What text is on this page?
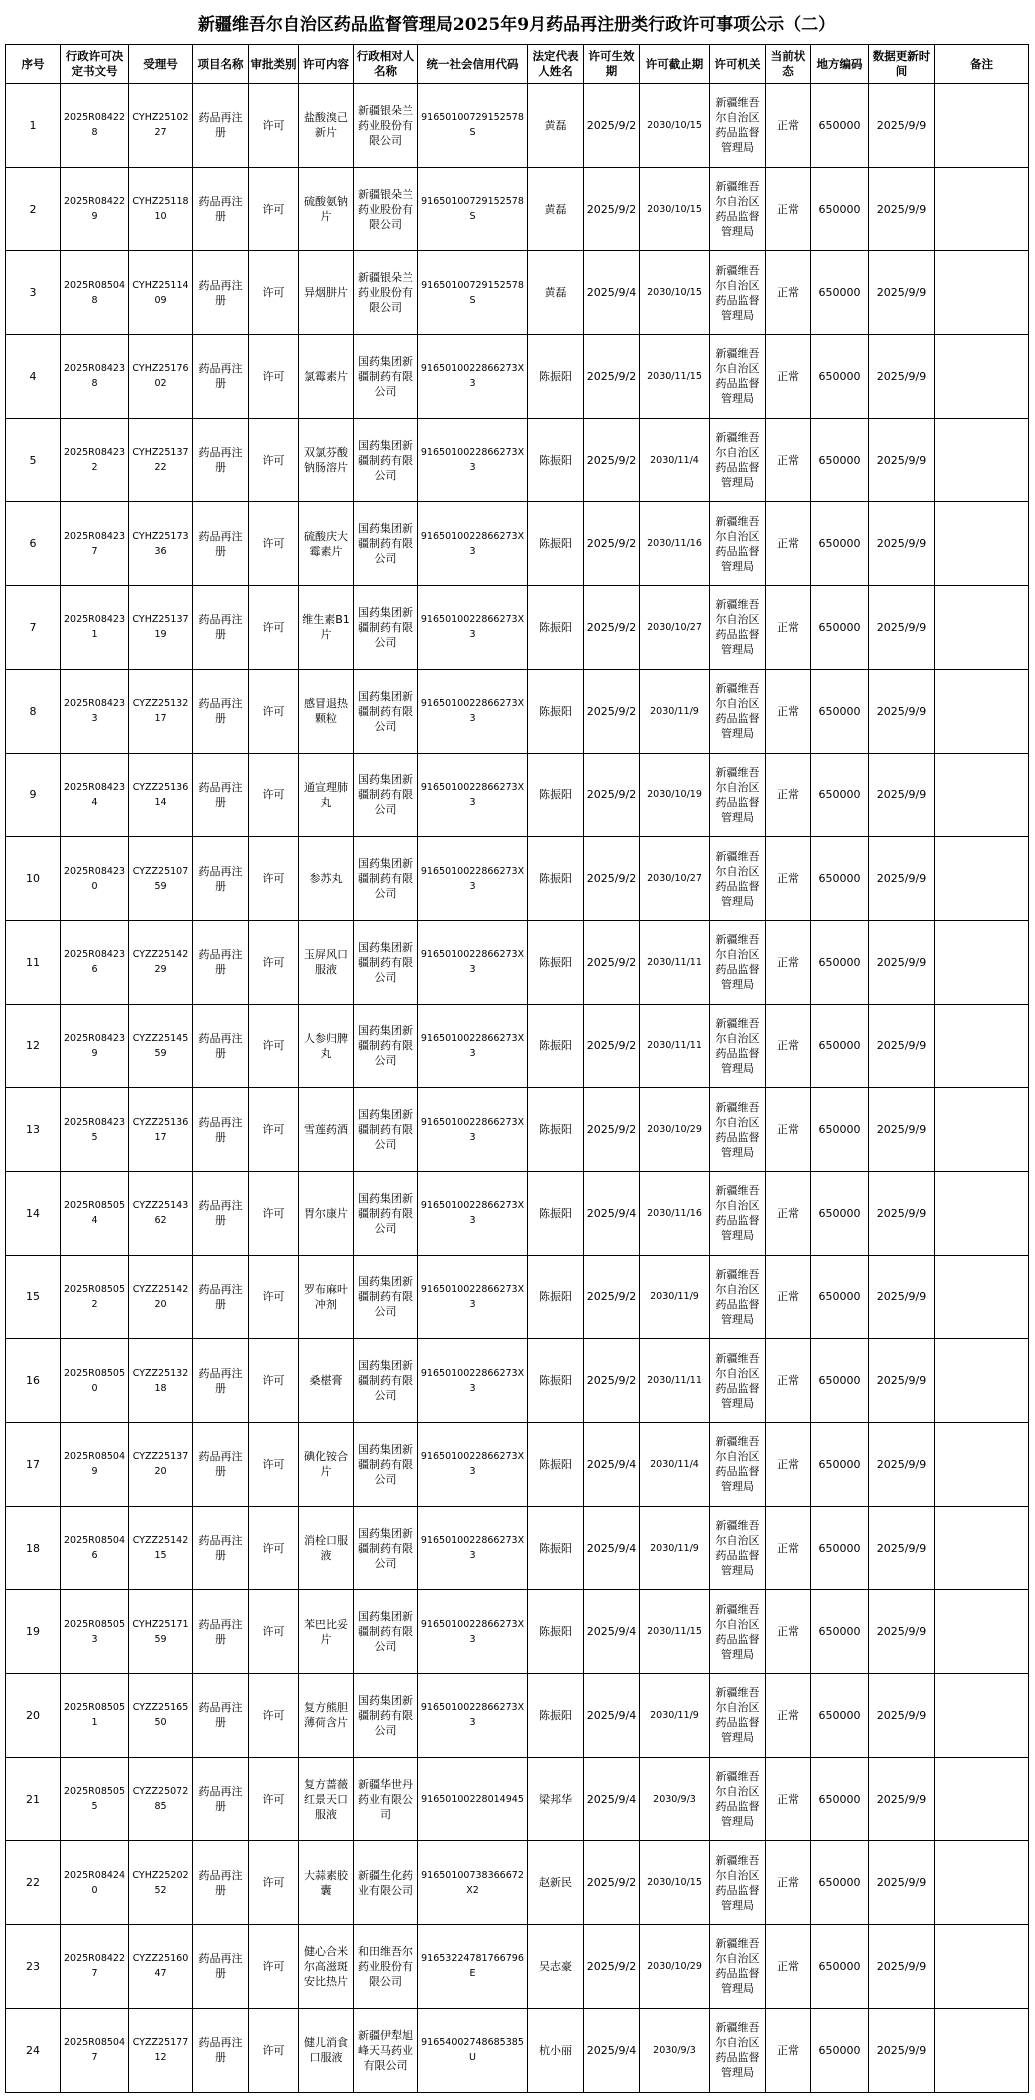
新疆维吾尔自治区药品监督管理局2025年9月药品再注册类行政许可事项公示（二）
序号	行政许可决定书文号	受理号	项目名称	审批类别	许可内容	行政相对人名称	统一社会信用代码	法定代表人姓名	许可生效期	许可截止期	许可机关	当前状态	地方编码	数据更新时间	备注
1	2025R084228	CYHZ2510227	药品再注册	许可	盐酸溴己新片	新疆银朵兰药业股份有限公司	91650100729152578S	黄磊	2025/9/2	2030/10/15	新疆维吾尔自治区药品监督管理局	正常	650000	2025/9/9	
2	2025R084229	CYHZ2511810	药品再注册	许可	硫酸氨钠片	新疆银朵兰药业股份有限公司	91650100729152578S	黄磊	2025/9/2	2030/10/15	新疆维吾尔自治区药品监督管理局	正常	650000	2025/9/9	
3	2025R085048	CYHZ2511409	药品再注册	许可	异烟肼片	新疆银朵兰药业股份有限公司	91650100729152578S	黄磊	2025/9/4	2030/10/15	新疆维吾尔自治区药品监督管理局	正常	650000	2025/9/9	
4	2025R084238	CYHZ2517602	药品再注册	许可	氯霉素片	国药集团新疆制药有限公司	9165010022866273X3	陈振阳	2025/9/2	2030/11/15	新疆维吾尔自治区药品监督管理局	正常	650000	2025/9/9	
5	2025R084232	CYHZ2513722	药品再注册	许可	双氯芬酸钠肠溶片	国药集团新疆制药有限公司	9165010022866273X3	陈振阳	2025/9/2	2030/11/4	新疆维吾尔自治区药品监督管理局	正常	650000	2025/9/9	
6	2025R084237	CYHZ2517336	药品再注册	许可	硫酸庆大霉素片	国药集团新疆制药有限公司	9165010022866273X3	陈振阳	2025/9/2	2030/11/16	新疆维吾尔自治区药品监督管理局	正常	650000	2025/9/9	
7	2025R084231	CYHZ2513719	药品再注册	许可	维生素B1片	国药集团新疆制药有限公司	9165010022866273X3	陈振阳	2025/9/2	2030/10/27	新疆维吾尔自治区药品监督管理局	正常	650000	2025/9/9	
8	2025R084233	CYZZ2513217	药品再注册	许可	感冒退热颗粒	国药集团新疆制药有限公司	9165010022866273X3	陈振阳	2025/9/2	2030/11/9	新疆维吾尔自治区药品监督管理局	正常	650000	2025/9/9	
9	2025R084234	CYZZ2513614	药品再注册	许可	通宣理肺丸	国药集团新疆制药有限公司	9165010022866273X3	陈振阳	2025/9/2	2030/10/19	新疆维吾尔自治区药品监督管理局	正常	650000	2025/9/9	
10	2025R084230	CYZZ2510759	药品再注册	许可	参苏丸	国药集团新疆制药有限公司	9165010022866273X3	陈振阳	2025/9/2	2030/10/27	新疆维吾尔自治区药品监督管理局	正常	650000	2025/9/9	
11	2025R084236	CYZZ2514229	药品再注册	许可	玉屏风口服液	国药集团新疆制药有限公司	9165010022866273X3	陈振阳	2025/9/2	2030/11/11	新疆维吾尔自治区药品监督管理局	正常	650000	2025/9/9	
12	2025R084239	CYZZ2514559	药品再注册	许可	人参归脾丸	国药集团新疆制药有限公司	9165010022866273X3	陈振阳	2025/9/2	2030/11/11	新疆维吾尔自治区药品监督管理局	正常	650000	2025/9/9	
13	2025R084235	CYZZ2513617	药品再注册	许可	雪莲药酒	国药集团新疆制药有限公司	9165010022866273X3	陈振阳	2025/9/2	2030/10/29	新疆维吾尔自治区药品监督管理局	正常	650000	2025/9/9	
14	2025R085054	CYZZ2514362	药品再注册	许可	胃尔康片	国药集团新疆制药有限公司	9165010022866273X3	陈振阳	2025/9/4	2030/11/16	新疆维吾尔自治区药品监督管理局	正常	650000	2025/9/9	
15	2025R085052	CYZZ2514220	药品再注册	许可	罗布麻叶冲剂	国药集团新疆制药有限公司	9165010022866273X3	陈振阳	2025/9/2	2030/11/9	新疆维吾尔自治区药品监督管理局	正常	650000	2025/9/9	
16	2025R085050	CYZZ2513218	药品再注册	许可	桑椹膏	国药集团新疆制药有限公司	9165010022866273X3	陈振阳	2025/9/2	2030/11/11	新疆维吾尔自治区药品监督管理局	正常	650000	2025/9/9	
17	2025R085049	CYZZ2513720	药品再注册	许可	碘化铵合片	国药集团新疆制药有限公司	9165010022866273X3	陈振阳	2025/9/4	2030/11/4	新疆维吾尔自治区药品监督管理局	正常	650000	2025/9/9	
18	2025R085046	CYZZ2514215	药品再注册	许可	消栓口服液	国药集团新疆制药有限公司	9165010022866273X3	陈振阳	2025/9/4	2030/11/9	新疆维吾尔自治区药品监督管理局	正常	650000	2025/9/9	
19	2025R085053	CYHZ2517159	药品再注册	许可	苯巴比妥片	国药集团新疆制药有限公司	9165010022866273X3	陈振阳	2025/9/4	2030/11/15	新疆维吾尔自治区药品监督管理局	正常	650000	2025/9/9	
20	2025R085051	CYZZ2516550	药品再注册	许可	复方熊胆薄荷含片	国药集团新疆制药有限公司	9165010022866273X3	陈振阳	2025/9/4	2030/11/9	新疆维吾尔自治区药品监督管理局	正常	650000	2025/9/9	
21	2025R085055	CYZZ2507285	药品再注册	许可	复方蔷薇红景天口服液	新疆华世丹药业有限公司	91650100228014945	梁邦华	2025/9/4	2030/9/3	新疆维吾尔自治区药品监督管理局	正常	650000	2025/9/9	
22	2025R084240	CYHZ2520252	药品再注册	许可	大蒜素胶囊	新疆生化药业有限公司	91650100738366672X2	赵新民	2025/9/2	2030/10/15	新疆维吾尔自治区药品监督管理局	正常	650000	2025/9/9	
23	2025R084227	CYZZ2516047	药品再注册	许可	健心合米尔高滋斑安比热片	和田维吾尔药业股份有限公司	91653224781766796E	吴志豪	2025/9/2	2030/10/29	新疆维吾尔自治区药品监督管理局	正常	650000	2025/9/9	
24	2025R085047	CYZZ2517712	药品再注册	许可	健儿消食口服液	新疆伊犁旭峰天马药业有限公司	91654002748685385U	杭小丽	2025/9/4	2030/9/3	新疆维吾尔自治区药品监督管理局	正常	650000	2025/9/9	
